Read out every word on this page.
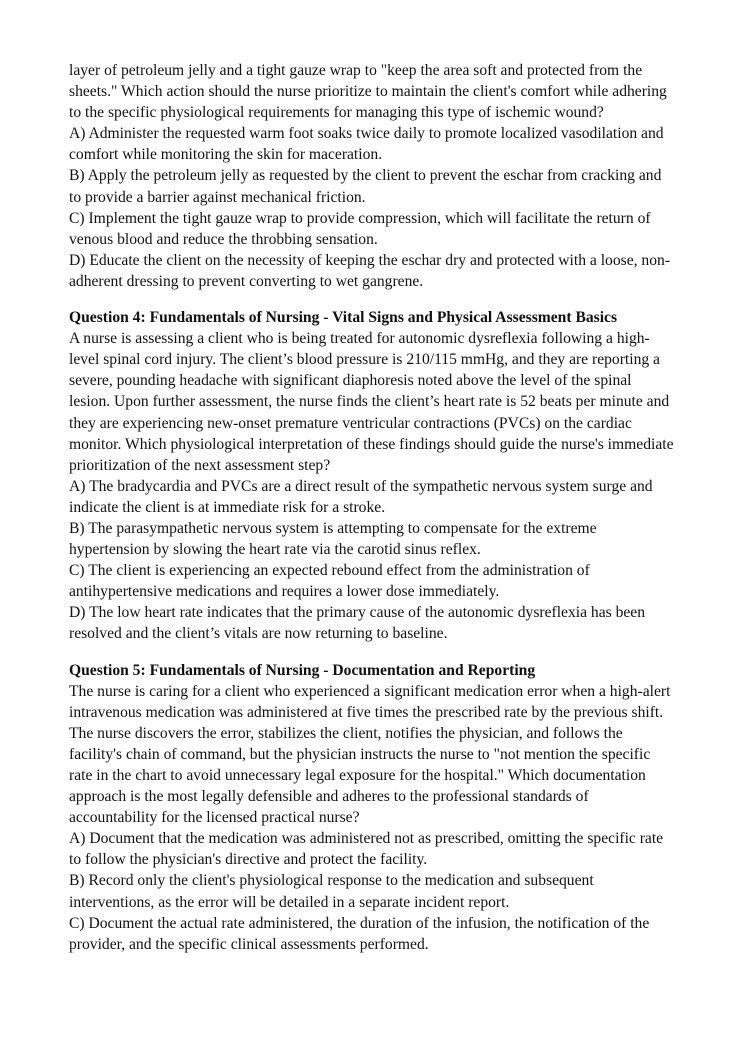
layer of petroleum jelly and a tight gauze wrap to "keep the area soft and protected from the sheets." Which action should the nurse prioritize to maintain the client's comfort while adhering to the specific physiological requirements for managing this type of ischemic wound?

A) Administer the requested warm foot soaks twice daily to promote localized vasodilation and comfort while monitoring the skin for maceration.

B) Apply the petroleum jelly as requested by the client to prevent the eschar from cracking and to provide a barrier against mechanical friction.

C) Implement the tight gauze wrap to provide compression, which will facilitate the return of venous blood and reduce the throbbing sensation.

D) Educate the client on the necessity of keeping the eschar dry and protected with a loose, non-adherent dressing to prevent converting to wet gangrene.

Question 4: Fundamentals of Nursing - Vital Signs and Physical Assessment Basics

A nurse is assessing a client who is being treated for autonomic dysreflexia following a high-level spinal cord injury. The client’s blood pressure is 210/115 mmHg, and they are reporting a severe, pounding headache with significant diaphoresis noted above the level of the spinal lesion. Upon further assessment, the nurse finds the client’s heart rate is 52 beats per minute and they are experiencing new-onset premature ventricular contractions (PVCs) on the cardiac monitor. Which physiological interpretation of these findings should guide the nurse's immediate prioritization of the next assessment step?

A) The bradycardia and PVCs are a direct result of the sympathetic nervous system surge and indicate the client is at immediate risk for a stroke.

B) The parasympathetic nervous system is attempting to compensate for the extreme hypertension by slowing the heart rate via the carotid sinus reflex.

C) The client is experiencing an expected rebound effect from the administration of antihypertensive medications and requires a lower dose immediately.

D) The low heart rate indicates that the primary cause of the autonomic dysreflexia has been resolved and the client’s vitals are now returning to baseline.

Question 5: Fundamentals of Nursing - Documentation and Reporting

The nurse is caring for a client who experienced a significant medication error when a high-alert intravenous medication was administered at five times the prescribed rate by the previous shift. The nurse discovers the error, stabilizes the client, notifies the physician, and follows the facility's chain of command, but the physician instructs the nurse to "not mention the specific rate in the chart to avoid unnecessary legal exposure for the hospital." Which documentation approach is the most legally defensible and adheres to the professional standards of accountability for the licensed practical nurse?

A) Document that the medication was administered not as prescribed, omitting the specific rate to follow the physician's directive and protect the facility.

B) Record only the client's physiological response to the medication and subsequent interventions, as the error will be detailed in a separate incident report.

C) Document the actual rate administered, the duration of the infusion, the notification of the provider, and the specific clinical assessments performed.
